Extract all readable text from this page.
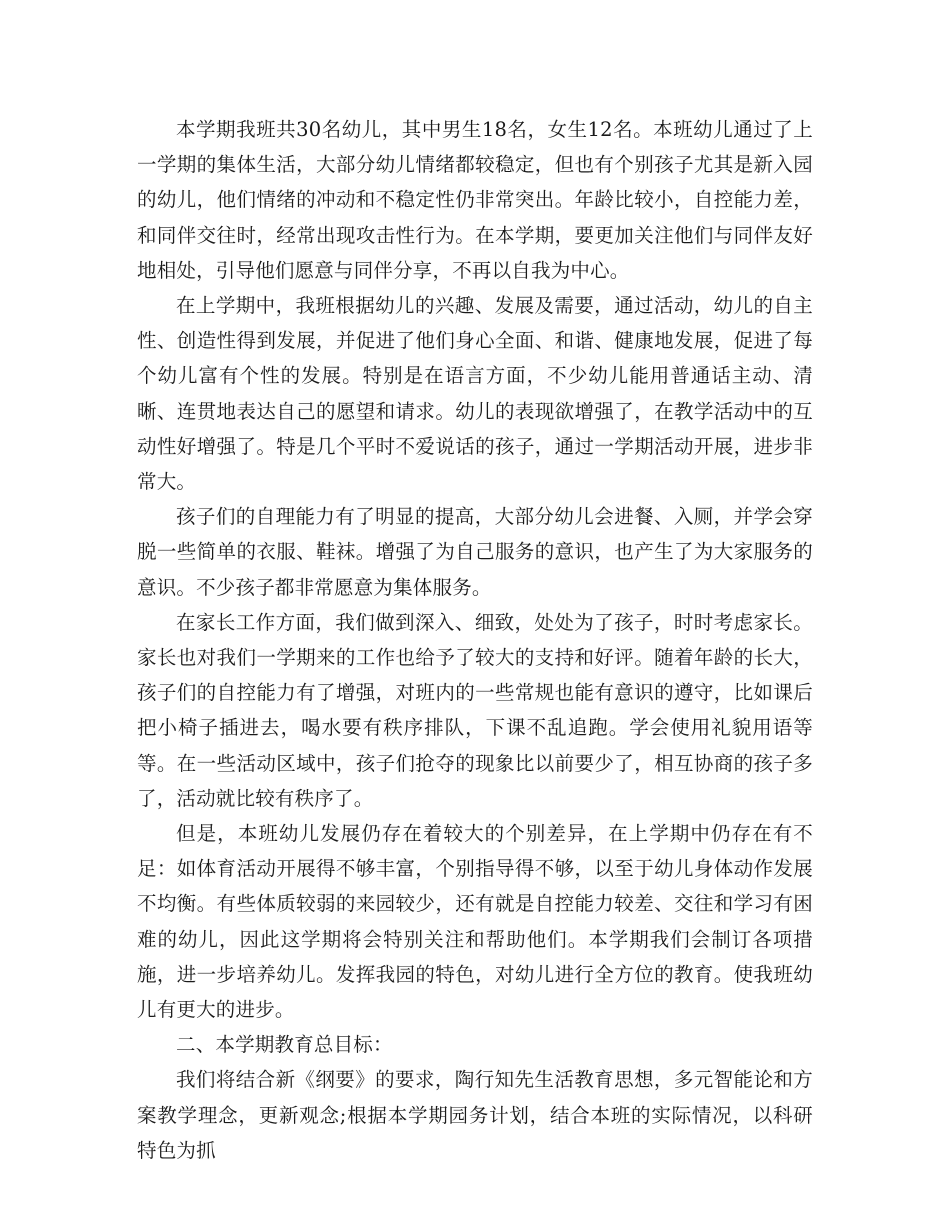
本学期我班共30名幼儿，其中男生18名，女生12名。本班幼儿通过了上一学期的集体生活，大部分幼儿情绪都较稳定，但也有个别孩子尤其是新入园的幼儿，他们情绪的冲动和不稳定性仍非常突出。年龄比较小，自控能力差，和同伴交往时，经常出现攻击性行为。在本学期，要更加关注他们与同伴友好地相处，引导他们愿意与同伴分享，不再以自我为中心。

在上学期中，我班根据幼儿的兴趣、发展及需要，通过活动，幼儿的自主性、创造性得到发展，并促进了他们身心全面、和谐、健康地发展，促进了每个幼儿富有个性的发展。特别是在语言方面，不少幼儿能用普通话主动、清晰、连贯地表达自己的愿望和请求。幼儿的表现欲增强了，在教学活动中的互动性好增强了。特是几个平时不爱说话的孩子，通过一学期活动开展，进步非常大。

孩子们的自理能力有了明显的提高，大部分幼儿会进餐、入厕，并学会穿脱一些简单的衣服、鞋袜。增强了为自己服务的意识，也产生了为大家服务的意识。不少孩子都非常愿意为集体服务。

在家长工作方面，我们做到深入、细致，处处为了孩子，时时考虑家长。家长也对我们一学期来的工作也给予了较大的支持和好评。随着年龄的长大，孩子们的自控能力有了增强，对班内的一些常规也能有意识的遵守，比如课后把小椅子插进去，喝水要有秩序排队，下课不乱追跑。学会使用礼貌用语等等。在一些活动区域中，孩子们抢夺的现象比以前要少了，相互协商的孩子多了，活动就比较有秩序了。

但是，本班幼儿发展仍存在着较大的个别差异，在上学期中仍存在有不足：如体育活动开展得不够丰富，个别指导得不够，以至于幼儿身体动作发展不均衡。有些体质较弱的来园较少，还有就是自控能力较差、交往和学习有困难的幼儿，因此这学期将会特别关注和帮助他们。本学期我们会制订各项措施，进一步培养幼儿。发挥我园的特色，对幼儿进行全方位的教育。使我班幼儿有更大的进步。

二、本学期教育总目标：

我们将结合新《纲要》的要求，陶行知先生活教育思想，多元智能论和方案教学理念，更新观念;根据本学期园务计划，结合本班的实际情况，以科研特色为抓
